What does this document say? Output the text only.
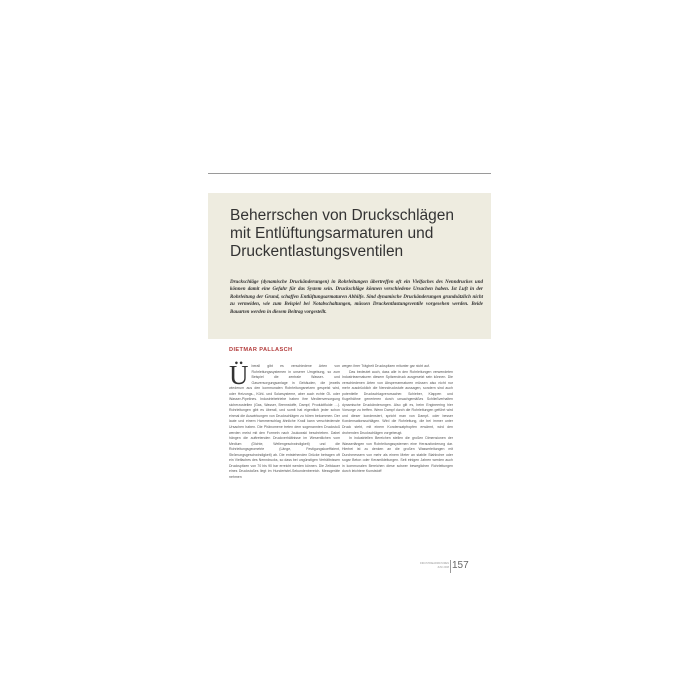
Beherrschen von Druckschlägen
mit Entlüftungsarmaturen und
Druckentlastungsventilen

Druckschläge (dynamische Druckänderungen) in Rohrleitungen übertreffen oft ein Vielfaches des Nenndruckes und können damit eine Gefahr für das System sein. Druckschläge können verschiedene Ursachen haben. Ist Luft in der Rohrleitung der Grund, schaffen Entlüftungsarmaturen Abhilfe. Sind dynamische Druckänderungen grundsätzlich nicht zu vermeiden, wie zum Beispiel bei Notabschaltungen, müssen Druckentlastungsventile vorgesehen werden. Beide Bauarten werden in diesem Beitrag vorgestellt.

DIETMAR PALLASCH

Ü berall gibt es verschiedene Arten von Rohrleitungssystemen in unserer Umgebung, so zum Beispiel die zentrale Wasser- und Gasversorgungsanlage in Gebäuden, die jeweils wiederum aus den kommunalen Rohrleitungsnetzen gespeist wird, oder Heizungs-, Kühl- und Solarsysteme, aber auch echte Öl- oder Wasser-Pipelines. Industriebetriebe haben ihre Medienversorgung sicherzustellen (Gas, Wasser, Brennstoffe, Dampf, Produktfluide …). Rohrleitungen gibt es überall, und somit hat eigentlich jeder schon einmal die Auswirkungen von Druckschlägen zu hören bekommen. Der laute und einem Hammerschlag ähnliche Knall kann verschiedenste Ursachen haben. Die Phänomene treten dem sogenannten Druckstoß werden meist mit den Formeln nach Joukowski beschrieben. Dabei hängen die auftretenden Druckverhältnisse im Wesentlichen vom Medium (Dichte, Wellengeschwindigkeit) und die Rohrleitungsgeometrie (Länge, Festigungskoeffizient, Strömungsgeschwindigkeit) ab. Die entstehenden Drücke betragen oft ein Vielfaches des Nenndrucks, so dass bei ungünstigen Verhältnissen Druckspitzen von 70 bis 90 bar erreicht werden können. Die Zeitdauer eines Druckstoßes liegt im Hundertstel-Sekundenbereich. Messgeräte nehmen

wegen ihrer Trägheit Druckspitzen mitunter gar nicht auf.

Das bedeutet auch, dass alle in den Rohrleitungen verwendeten Industriearmaturen diesem Spitzendruck ausgesetzt sein können. Die verschiedenen Arten von Absperrarmaturen müssen also nicht nur mehr ausdrücklich die Nenndruckstufe aussagen, sondern sind auch potentielle Druckschlagverursacher. Schieber, Klappen und Kugelhähne generieren durch unsachgemäßes Schließverhalten dynamische Druckänderungen. Also gilt es, beim Engineering hier Vorsorge zu treffen. Wenn Dampf durch die Rohrleitungen geführt wird und dieser kondensiert, spricht man von Dampf- oder besser Kondensationsschlägen. Wird die Rohrleitung, die bei immer unter Druck steht, mit einem Kondensatpfropfen erwärmt, wird den drohenden Druckschlägen vorgebeugt.

In industriellen Bereichen stellen die großen Dimensionen der Wasserlängen von Rohrleitungssystemen eine Herausforderung dar. Hierbei ist zu denken an die großen Wasserleitungen mit Durchmessern von mehr als einem Meter an stabile Stahlrohre oder sogar Beton oder Keramikleitungen. Seit einigen Jahren werden auch in kommunalen Bereichen diese schwer beweglichen Rohrleitungen durch leichtere Kunststoff

INDUSTRIEARMATUREN
JUNI 2008 157
